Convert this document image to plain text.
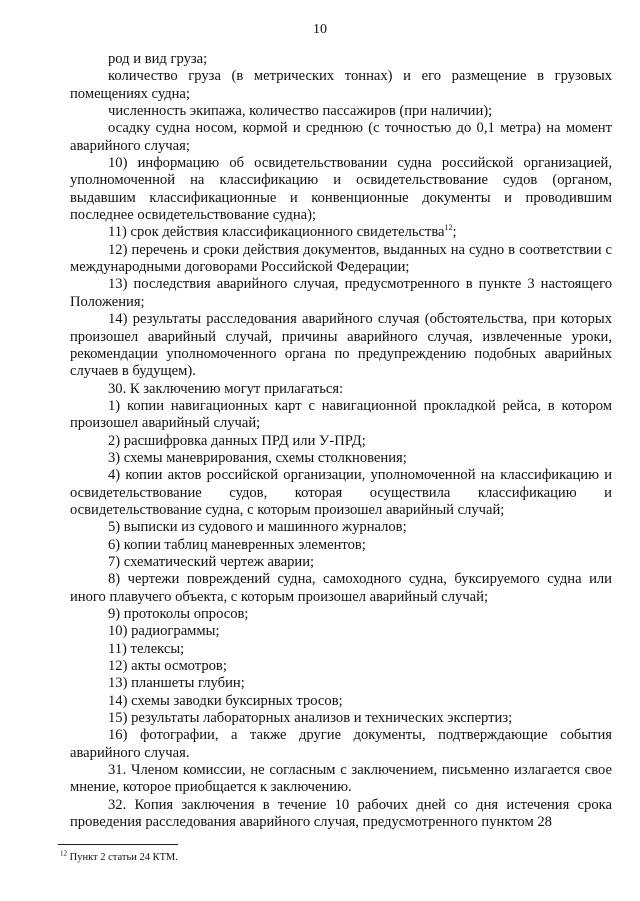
10

род и вид груза;

количество груза (в метрических тоннах) и его размещение в грузовых помещениях судна;

численность экипажа, количество пассажиров (при наличии);

осадку судна носом, кормой и среднюю (с точностью до 0,1 метра) на момент аварийного случая;

10) информацию об освидетельствовании судна российской организацией, уполномоченной на классификацию и освидетельствование судов (органом, выдавшим классификационные и конвенционные документы и проводившим последнее освидетельствование судна);

11) срок действия классификационного свидетельства$^{12}$;

12) перечень и сроки действия документов, выданных на судно в соответствии с международными договорами Российской Федерации;

13) последствия аварийного случая, предусмотренного в пункте 3 настоящего Положения;

14) результаты расследования аварийного случая (обстоятельства, при которых произошел аварийный случай, причины аварийного случая, извлеченные уроки, рекомендации уполномоченного органа по предупреждению подобных аварийных случаев в будущем).

30. К заключению могут прилагаться:

1) копии навигационных карт с навигационной прокладкой рейса, в котором произошел аварийный случай;

2) расшифровка данных ПРД или У-ПРД;

3) схемы маневрирования, схемы столкновения;

4) копии актов российской организации, уполномоченной на классификацию и освидетельствование судов, которая осуществила классификацию и освидетельствование судна, с которым произошел аварийный случай;

5) выписки из судового и машинного журналов;

6) копии таблиц маневренных элементов;

7) схематический чертеж аварии;

8) чертежи повреждений судна, самоходного судна, буксируемого судна или иного плавучего объекта, с которым произошел аварийный случай;

9) протоколы опросов;

10) радиограммы;

11) телексы;

12) акты осмотров;

13) планшеты глубин;

14) схемы заводки буксирных тросов;

15) результаты лабораторных анализов и технических экспертиз;

16) фотографии, а также другие документы, подтверждающие события аварийного случая.

31. Членом комиссии, не согласным с заключением, письменно излагается свое мнение, которое приобщается к заключению.

32. Копия заключения в течение 10 рабочих дней со дня истечения срока проведения расследования аварийного случая, предусмотренного пунктом 28

$^{12}$ Пункт 2 статьи 24 КТМ.
